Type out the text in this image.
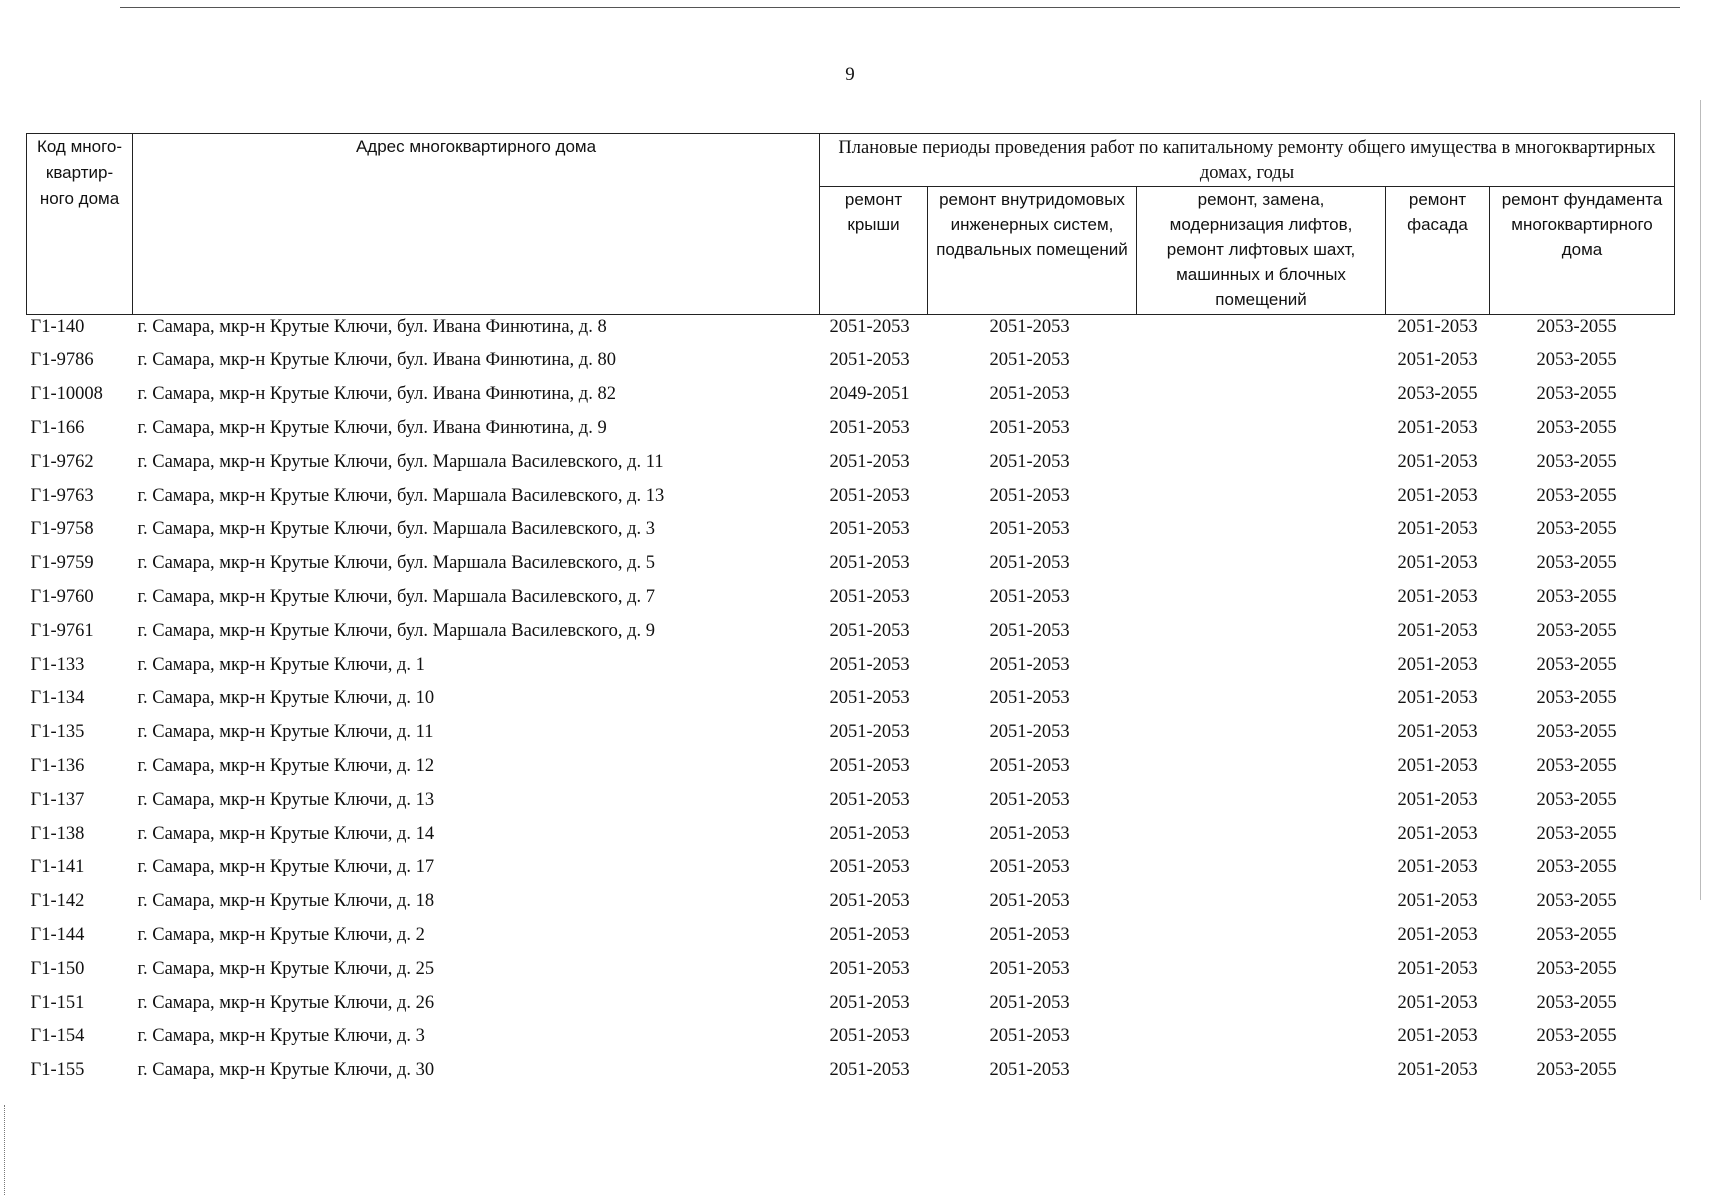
9
Код много-квартир-ного дома	Адрес многоквартирного дома	Плановые периоды проведения работ по капитальному ремонту общего имущества в многоквартирных домах, годы				
		ремонт крыши	ремонт внутридомовых инженерных систем, подвальных помещений	ремонт, замена, модернизация лифтов, ремонт лифтовых шахт, машинных и блочных помещений	ремонт фасада	ремонт фундамента многоквартирного дома
Г1-140	г. Самара, мкр-н Крутые Ключи, бул. Ивана Финютина, д. 8	2051-2053	2051-2053		2051-2053	2053-2055
Г1-9786	г. Самара, мкр-н Крутые Ключи, бул. Ивана Финютина, д. 80	2051-2053	2051-2053		2051-2053	2053-2055
Г1-10008	г. Самара, мкр-н Крутые Ключи, бул. Ивана Финютина, д. 82	2049-2051	2051-2053		2053-2055	2053-2055
Г1-166	г. Самара, мкр-н Крутые Ключи, бул. Ивана Финютина, д. 9	2051-2053	2051-2053		2051-2053	2053-2055
Г1-9762	г. Самара, мкр-н Крутые Ключи, бул. Маршала Василевского, д. 11	2051-2053	2051-2053		2051-2053	2053-2055
Г1-9763	г. Самара, мкр-н Крутые Ключи, бул. Маршала Василевского, д. 13	2051-2053	2051-2053		2051-2053	2053-2055
Г1-9758	г. Самара, мкр-н Крутые Ключи, бул. Маршала Василевского, д. 3	2051-2053	2051-2053		2051-2053	2053-2055
Г1-9759	г. Самара, мкр-н Крутые Ключи, бул. Маршала Василевского, д. 5	2051-2053	2051-2053		2051-2053	2053-2055
Г1-9760	г. Самара, мкр-н Крутые Ключи, бул. Маршала Василевского, д. 7	2051-2053	2051-2053		2051-2053	2053-2055
Г1-9761	г. Самара, мкр-н Крутые Ключи, бул. Маршала Василевского, д. 9	2051-2053	2051-2053		2051-2053	2053-2055
Г1-133	г. Самара, мкр-н Крутые Ключи, д. 1	2051-2053	2051-2053		2051-2053	2053-2055
Г1-134	г. Самара, мкр-н Крутые Ключи, д. 10	2051-2053	2051-2053		2051-2053	2053-2055
Г1-135	г. Самара, мкр-н Крутые Ключи, д. 11	2051-2053	2051-2053		2051-2053	2053-2055
Г1-136	г. Самара, мкр-н Крутые Ключи, д. 12	2051-2053	2051-2053		2051-2053	2053-2055
Г1-137	г. Самара, мкр-н Крутые Ключи, д. 13	2051-2053	2051-2053		2051-2053	2053-2055
Г1-138	г. Самара, мкр-н Крутые Ключи, д. 14	2051-2053	2051-2053		2051-2053	2053-2055
Г1-141	г. Самара, мкр-н Крутые Ключи, д. 17	2051-2053	2051-2053		2051-2053	2053-2055
Г1-142	г. Самара, мкр-н Крутые Ключи, д. 18	2051-2053	2051-2053		2051-2053	2053-2055
Г1-144	г. Самара, мкр-н Крутые Ключи, д. 2	2051-2053	2051-2053		2051-2053	2053-2055
Г1-150	г. Самара, мкр-н Крутые Ключи, д. 25	2051-2053	2051-2053		2051-2053	2053-2055
Г1-151	г. Самара, мкр-н Крутые Ключи, д. 26	2051-2053	2051-2053		2051-2053	2053-2055
Г1-154	г. Самара, мкр-н Крутые Ключи, д. 3	2051-2053	2051-2053		2051-2053	2053-2055
Г1-155	г. Самара, мкр-н Крутые Ключи, д. 30	2051-2053	2051-2053		2051-2053	2053-2055
